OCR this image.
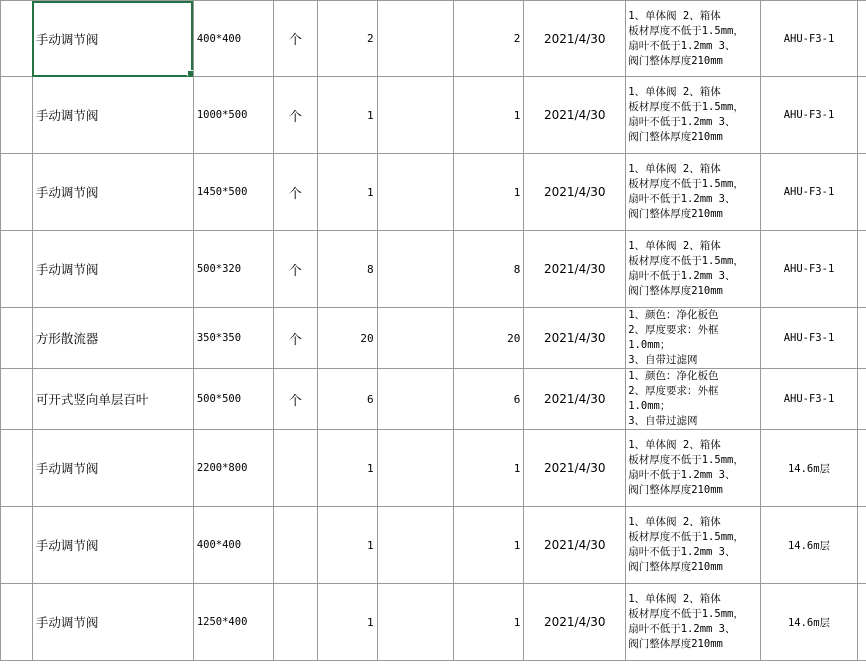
	手动调节阀	400*400	个	2		2	2021/4/30	1、单体阀 2、箱体
板材厚度不低于1.5mm，
扇叶不低于1.2mm 3、
阀门整体厚度210mm	AHU-F3-1	
	手动调节阀	1000*500	个	1		1	2021/4/30	1、单体阀 2、箱体
板材厚度不低于1.5mm，
扇叶不低于1.2mm 3、
阀门整体厚度210mm	AHU-F3-1	
	手动调节阀	1450*500	个	1		1	2021/4/30	1、单体阀 2、箱体
板材厚度不低于1.5mm，
扇叶不低于1.2mm 3、
阀门整体厚度210mm	AHU-F3-1	
	手动调节阀	500*320	个	8		8	2021/4/30	1、单体阀 2、箱体
板材厚度不低于1.5mm，
扇叶不低于1.2mm 3、
阀门整体厚度210mm	AHU-F3-1	
	方形散流器	350*350	个	20		20	2021/4/30	1、颜色：净化板色
2、厚度要求：外框
1.0mm；
3、自带过滤网	AHU-F3-1	
	可开式竖向单层百叶	500*500	个	6		6	2021/4/30	1、颜色：净化板色
2、厚度要求：外框
1.0mm；
3、自带过滤网	AHU-F3-1	
	手动调节阀	2200*800		1		1	2021/4/30	1、单体阀 2、箱体
板材厚度不低于1.5mm，
扇叶不低于1.2mm 3、
阀门整体厚度210mm	14.6m层	
	手动调节阀	400*400		1		1	2021/4/30	1、单体阀 2、箱体
板材厚度不低于1.5mm，
扇叶不低于1.2mm 3、
阀门整体厚度210mm	14.6m层	
	手动调节阀	1250*400		1		1	2021/4/30	1、单体阀 2、箱体
板材厚度不低于1.5mm，
扇叶不低于1.2mm 3、
阀门整体厚度210mm	14.6m层	
